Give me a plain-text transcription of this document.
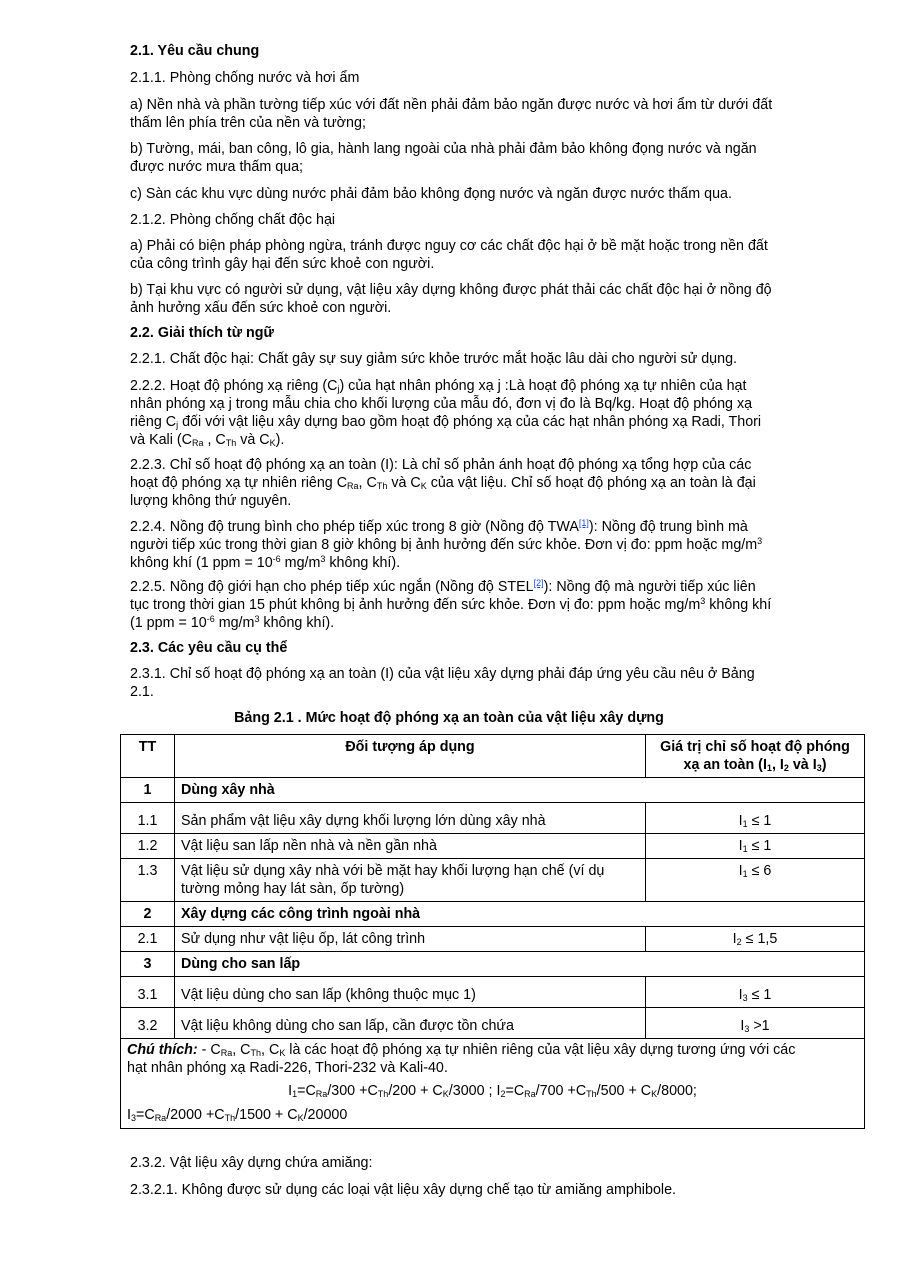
2.1. Yêu cầu chung
2.1.1. Phòng chống nước và hơi ẩm
a) Nền nhà và phần tường tiếp xúc với đất nền phải đảm bảo ngăn được nước và hơi ẩm từ dưới đất
thấm lên phía trên của nền và tường;
b) Tường, mái, ban công, lô gia, hành lang ngoài của nhà phải đảm bảo không đọng nước và ngăn
được nước mưa thấm qua;
c) Sàn các khu vực dùng nước phải đảm bảo không đọng nước và ngăn được nước thấm qua.
2.1.2. Phòng chống chất độc hại
a) Phải có biện pháp phòng ngừa, tránh được nguy cơ các chất độc hại ở bề mặt hoặc trong nền đất
của công trình gây hại đến sức khoẻ con người.
b) Tại khu vực có người sử dụng, vật liệu xây dựng không được phát thải các chất độc hại ở nồng độ
ảnh hưởng xấu đến sức khoẻ con người.
2.2. Giải thích từ ngữ
2.2.1. Chất độc hại: Chất gây sự suy giảm sức khỏe trước mắt hoặc lâu dài cho người sử dụng.
2.2.2. Hoạt độ phóng xạ riêng $(C_j)$ của hạt nhân phóng xạ j :Là hoạt độ phóng xạ tự nhiên của hạt
nhân phóng xạ j trong mẫu chia cho khối lượng của mẫu đó, đơn vị đo là Bq/kg. Hoạt độ phóng xạ
riêng $C_j$ đối với vật liệu xây dựng bao gồm hoạt độ phóng xạ của các hạt nhân phóng xạ Radi, Thori
và Kali ($C_{Ra}$ , $C_{Th}$ và $C_K$).
2.2.3. Chỉ số hoạt độ phóng xạ an toàn (I): Là chỉ số phản ánh hoạt độ phóng xạ tổng hợp của các
hoạt độ phóng xạ tự nhiên riêng $C_{Ra}$, $C_{Th}$ và $C_K$ của vật liệu. Chỉ số hoạt độ phóng xạ an toàn là đại
lượng không thứ nguyên.
2.2.4. Nồng độ trung bình cho phép tiếp xúc trong 8 giờ (Nồng độ TWA[1]): Nồng độ trung bình mà
người tiếp xúc trong thời gian 8 giờ không bị ảnh hưởng đến sức khỏe. Đơn vị đo: ppm hoặc $mg/m^3$
không khí (1 ppm = $10^{-6}$ $mg/m^3$ không khí).
2.2.5. Nồng độ giới hạn cho phép tiếp xúc ngắn (Nồng độ STEL[2]): Nồng độ mà người tiếp xúc liên
tục trong thời gian 15 phút không bị ảnh hưởng đến sức khỏe. Đơn vị đo: ppm hoặc $mg/m^3$ không khí
(1 ppm = $10^{-6}$ $mg/m^3$ không khí).
2.3. Các yêu cầu cụ thể
2.3.1. Chỉ số hoạt độ phóng xạ an toàn (I) của vật liệu xây dựng phải đáp ứng yêu cầu nêu ở Bảng
2.1.
Bảng 2.1 . Mức hoạt độ phóng xạ an toàn của vật liệu xây dựng
TT	Đối tượng áp dụng	Giá trị chỉ số hoạt độ phóng
xạ an toàn ($I_1$, $I_2$ và $I_3$)

1	Dùng xây nhà	
1.1	Sản phẩm vật liệu xây dựng khối lượng lớn dùng xây nhà	$I_1 \le 1$
1.2	Vật liệu san lấp nền nhà và nền gần nhà	$I_1 \le 1$
1.3	Vật liệu sử dụng xây nhà với bề mặt hay khối lượng hạn chế (ví dụ
tường mỏng hay lát sàn, ốp tường)	$I_1 \le 6$
2	Xây dựng các công trình ngoài nhà	
2.1	Sử dụng như vật liệu ốp, lát công trình	$I_2 \le 1,5$
3	Dùng cho san lấp	
3.1	Vật liệu dùng cho san lấp (không thuộc mục 1)	$I_3 \le 1$
3.2	Vật liệu không dùng cho san lấp, cần được tồn chứa	$I_3 >1$

Chú thích: - $C_{Ra}$, $C_{Th}$, $C_K$ là các hoạt độ phóng xạ tự nhiên riêng của vật liệu xây dựng tương ứng với các
hạt nhân phóng xạ Radi-226, Thori-232 và Kali-40.
$I_1=C_{Ra}/300 +C_{Th}/200 + C_K/3000$ ; $I_2=C_{Ra}/700 +C_{Th}/500 + C_K/8000$;
$I_3=C_{Ra}/2000 +C_{Th}/1500 + C_K/20000$		
2.3.2. Vật liệu xây dựng chứa amiăng:
2.3.2.1. Không được sử dụng các loại vật liệu xây dựng chế tạo từ amiăng amphibole.
